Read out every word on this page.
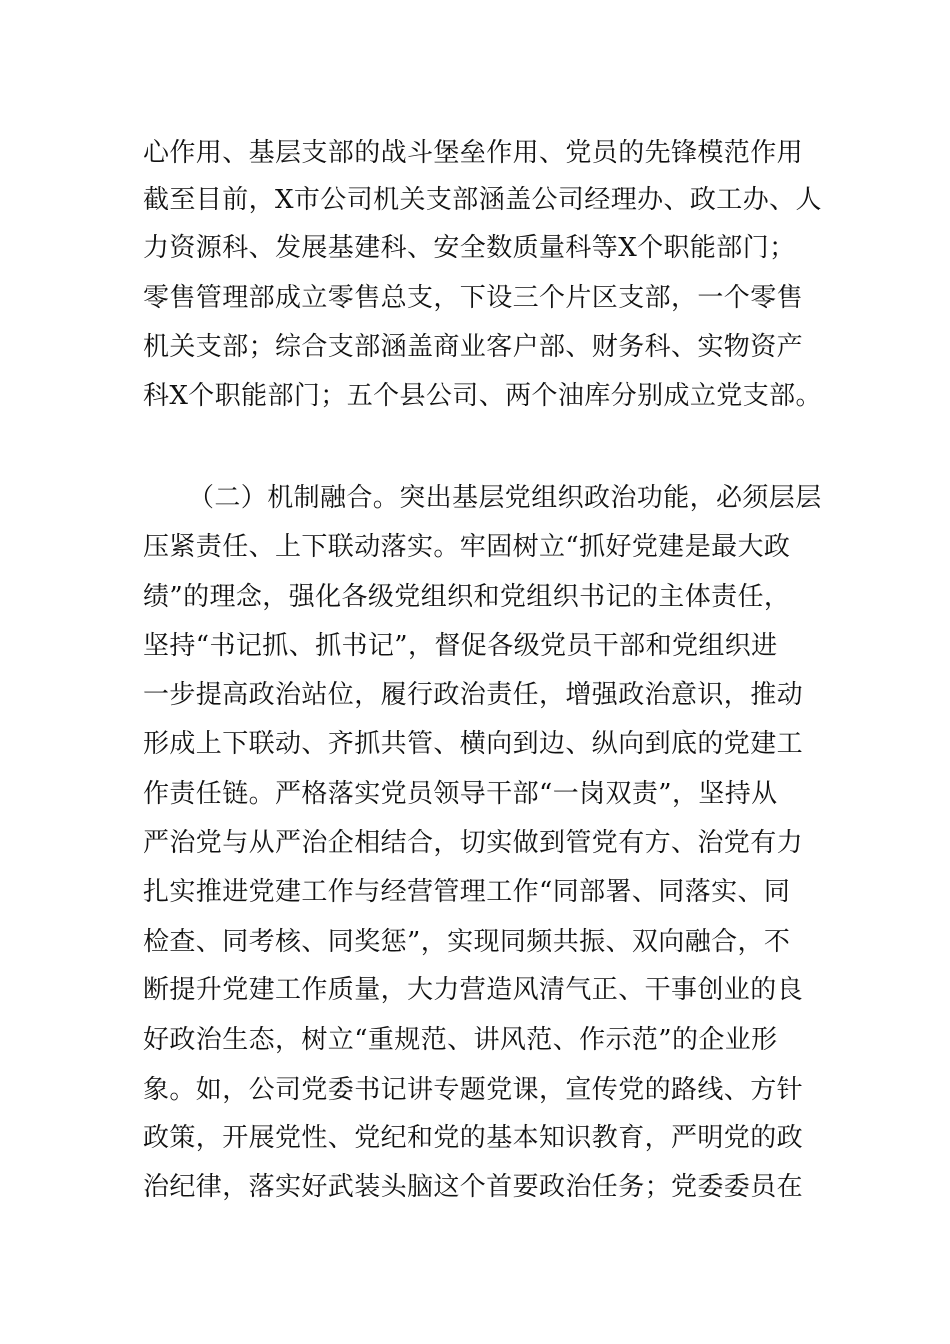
心作用、基层支部的战斗堡垒作用、党员的先锋模范作用
截至目前，X市公司机关支部涵盖公司经理办、政工办、人
力资源科、发展基建科、安全数质量科等X个职能部门；
零售管理部成立零售总支，下设三个片区支部，一个零售
机关支部；综合支部涵盖商业客户部、财务科、实物资产
科X个职能部门；五个县公司、两个油库分别成立党支部。
（二）机制融合。突出基层党组织政治功能，必须层层
压紧责任、上下联动落实。牢固树立“抓好党建是最大政
绩”的理念，强化各级党组织和党组织书记的主体责任，
坚持“书记抓、抓书记”，督促各级党员干部和党组织进
一步提高政治站位，履行政治责任，增强政治意识，推动
形成上下联动、齐抓共管、横向到边、纵向到底的党建工
作责任链。严格落实党员领导干部“一岗双责”，坚持从
严治党与从严治企相结合，切实做到管党有方、治党有力
扎实推进党建工作与经营管理工作“同部署、同落实、同
检查、同考核、同奖惩”，实现同频共振、双向融合，不
断提升党建工作质量，大力营造风清气正、干事创业的良
好政治生态，树立“重规范、讲风范、作示范”的企业形
象。如，公司党委书记讲专题党课，宣传党的路线、方针
政策，开展党性、党纪和党的基本知识教育，严明党的政
治纪律，落实好武装头脑这个首要政治任务；党委委员在
